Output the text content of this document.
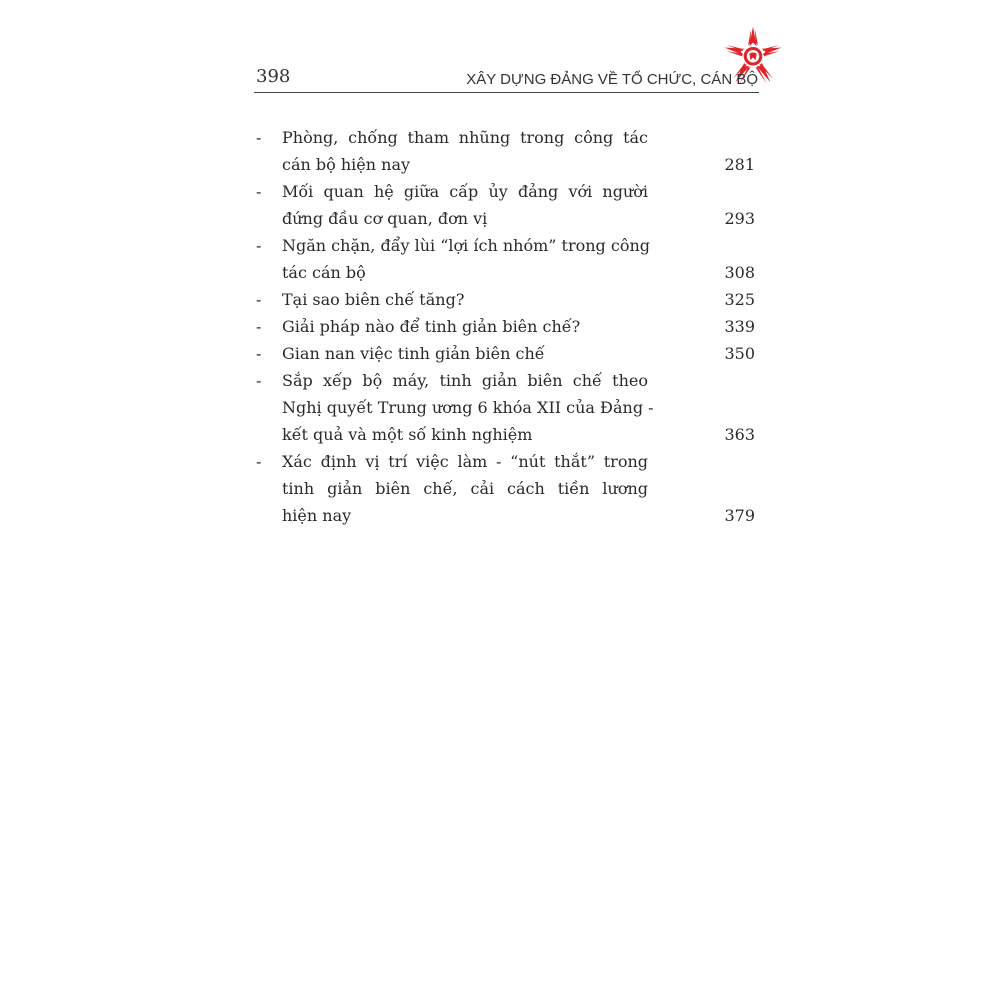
398	XÂY DỰNG ĐẢNG VỀ TỔ CHỨC, CÁN BỘ
-	Phòng, chống tham nhũng trong công tác
cán bộ hiện nay	281
-	Mối quan hệ giữa cấp ủy đảng với người
đứng đầu cơ quan, đơn vị	293
-	Ngăn chặn, đẩy lùi “lợi ích nhóm” trong công
tác cán bộ	308
-	Tại sao biên chế tăng?	325
-	Giải pháp nào để tinh giản biên chế?	339
-	Gian nan việc tinh giản biên chế	350
-	Sắp xếp bộ máy, tinh giản biên chế theo
Nghị quyết Trung ương 6 khóa XII của Đảng -
kết quả và một số kinh nghiệm	363
-	Xác định vị trí việc làm - “nút thắt” trong
tinh giản biên chế, cải cách tiền lương
hiện nay	379
